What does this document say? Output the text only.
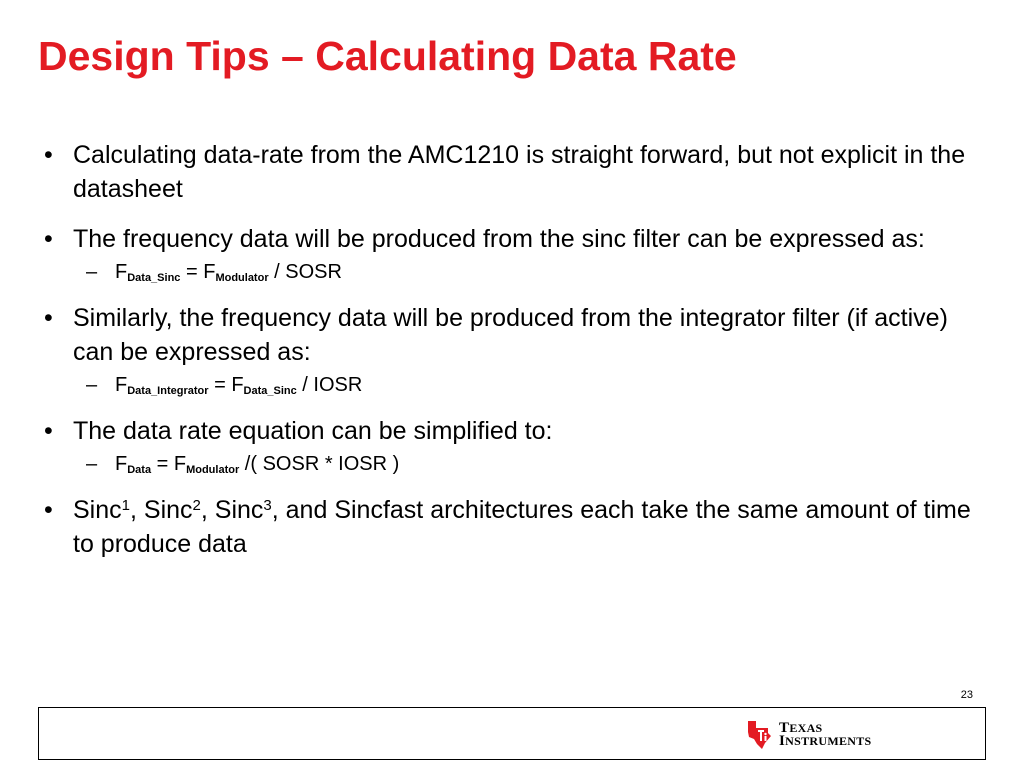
Design Tips – Calculating Data Rate

• Calculating data-rate from the AMC1210 is straight forward, but not explicit in the datasheet

• The frequency data will be produced from the sinc filter can be expressed as:

– $F_{Data\_Sinc} = F_{Modulator}$ / SOSR

• Similarly, the frequency data will be produced from the integrator filter (if active) can be expressed as:

– $F_{Data\_Integrator} = F_{Data\_Sinc}$ / IOSR

• The data rate equation can be simplified to:

– $F_{Data} = F_{Modulator}$ /( SOSR * IOSR )

• Sinc$^1$, Sinc$^2$, Sinc$^3$, and Sincfast architectures each take the same amount of time to produce data

23
TEXAS
INSTRUMENTS
